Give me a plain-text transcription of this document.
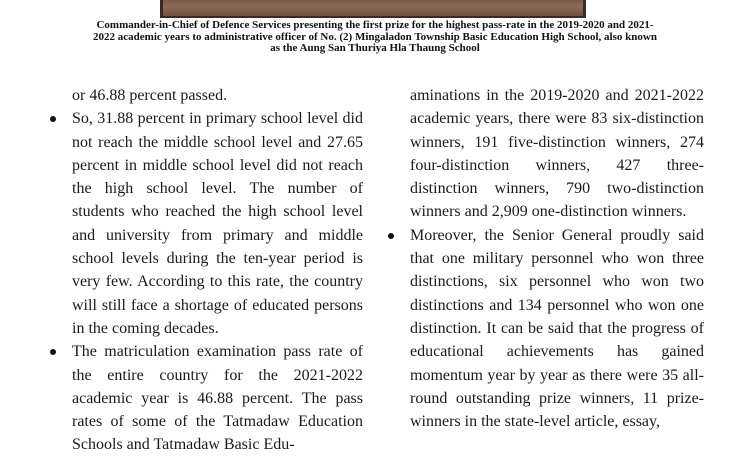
Commander-in-Chief of Defence Services presenting the first prize for the highest pass-rate in the 2019-2020 and 2021-2022 academic years to administrative officer of No. (2) Mingaladon Township Basic Education High School, also known as the Aung San Thuriya Hla Thaung School

or 46.88 percent passed.

So, 31.88 percent in primary school level did not reach the middle school level and 27.65 percent in middle school level did not reach the high school level. The number of students who reached the high school level and university from primary and middle school levels during the ten-year period is very few. According to this rate, the country will still face a shortage of educated persons in the coming decades.
The matriculation examination pass rate of the entire country for the 2021-2022 academic year is 46.88 percent. The pass rates of some of the Tatmadaw Education Schools and Tatmadaw Basic Edu-

aminations in the 2019-2020 and 2021-2022 academic years, there were 83 six-distinction winners, 191 five-distinction winners, 274 four-distinction winners, 427 three-distinction winners, 790 two-distinction winners and 2,909 one-distinction winners.

Moreover, the Senior General proudly said that one military personnel who won three distinctions, six personnel who won two distinctions and 134 personnel who won one distinction. It can be said that the progress of educational achievements has gained momentum year by year as there were 35 all-round outstanding prize winners, 11 prize-winners in the state-level article, essay,
